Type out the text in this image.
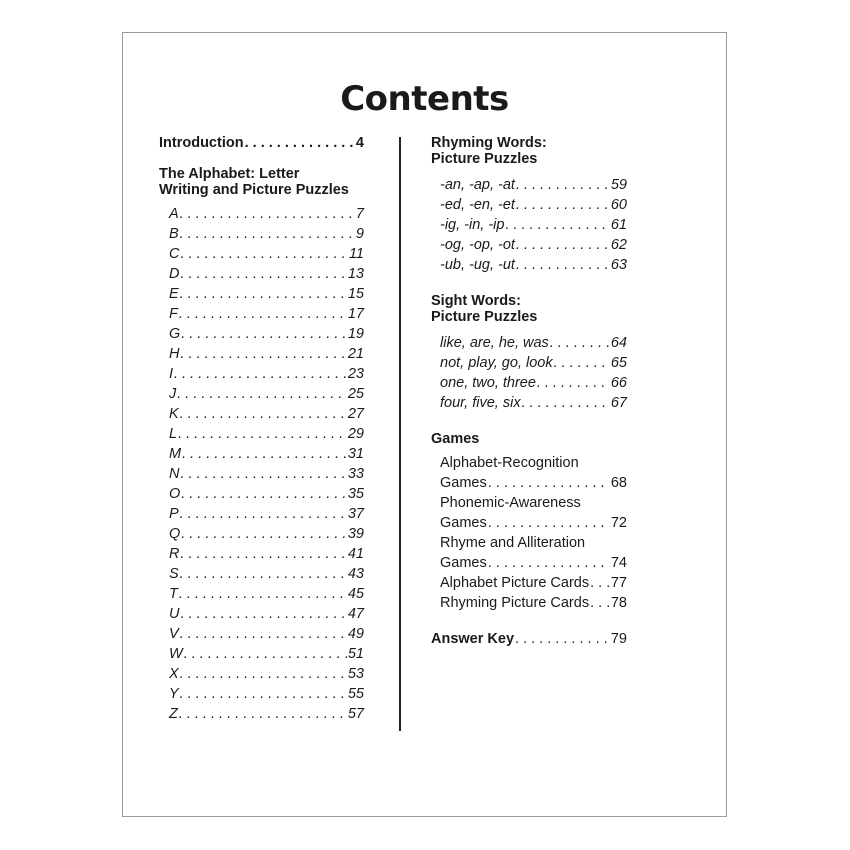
Contents
Introduction . . .	4
The Alphabet: Letter
Writing and Picture Puzzles
A . . .	7
B . . .	9
C . . .	11
D . . .	13
E . . .	15
F . . .	17
G . . .	19
H . . .	21
I . . .	23
J . . .	25
K . . .	27
L . . .	29
M . . .	31
N . . .	33
O . . .	35
P . . .	37
Q . . .	39
R . . .	41
S . . .	43
T . . .	45
U . . .	47
V . . .	49
W . . .	51
X . . .	53
Y . . .	55
Z . . .	57
Rhyming Words:
Picture Puzzles
-an, -ap, -at . . .	59
-ed, -en, -et . . .	60
-ig, -in, -ip . . .	61
-og, -op, -ot . . .	62
-ub, -ug, -ut . . .	63
Sight Words:
Picture Puzzles
like, are, he, was . . .	64
not, play, go, look . . .	65
one, two, three . . .	66
four, five, six . . .	67
Games
Alphabet-Recognition
Games . . .	68
Phonemic-Awareness
Games . . .	72
Rhyme and Alliteration
Games . . .	74
Alphabet Picture Cards . . . 77
Rhyming Picture Cards . . . 78
Answer Key . . .	79
